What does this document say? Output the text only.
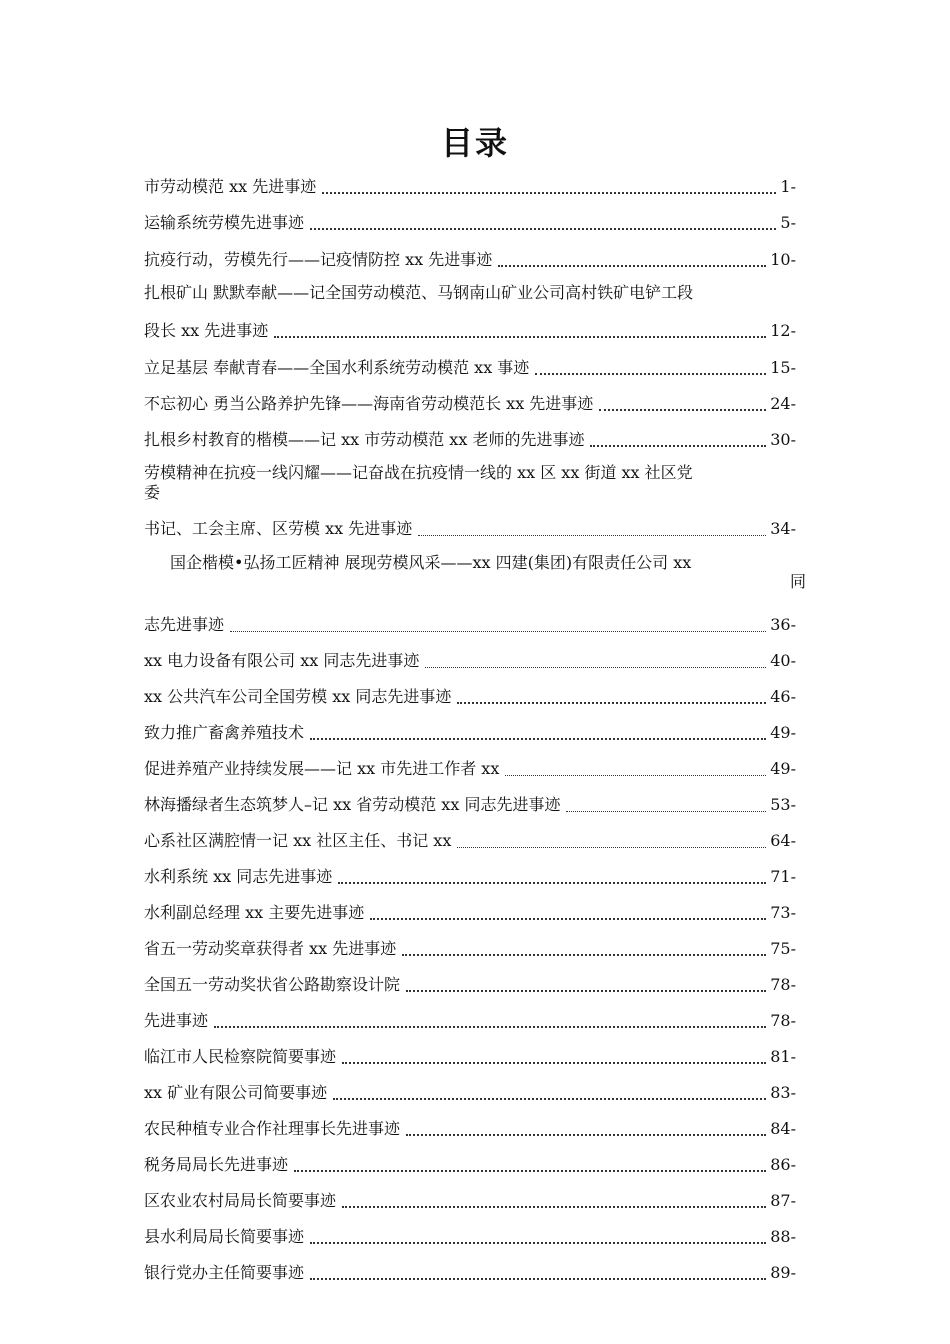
目录
市劳动模范 xx 先进事迹	1-
运输系统劳模先进事迹	5-
抗疫行动，劳模先行——记疫情防控 xx 先进事迹	10-
扎根矿山 默默奉献——记全国劳动模范、马钢南山矿业公司高村铁矿电铲工段
段长 xx 先进事迹	12-
立足基层 奉献青春——全国水利系统劳动模范 xx 事迹	15-
不忘初心 勇当公路养护先锋——海南省劳动模范长 xx 先进事迹	24-
扎根乡村教育的楷模——记 xx 市劳动模范 xx 老师的先进事迹	30-
劳模精神在抗疫一线闪耀——记奋战在抗疫情一线的 xx 区 xx 街道 xx 社区党
委
书记、工会主席、区劳模 xx 先进事迹	34-
国企楷模•弘扬工匠精神 展现劳模风采——xx 四建(集团)有限责任公司 xx
同
志先进事迹	36-
xx 电力设备有限公司 xx 同志先进事迹	40-
xx 公共汽车公司全国劳模 xx 同志先进事迹	46-
致力推广畜禽养殖技术	49-
促进养殖产业持续发展——记 xx 市先进工作者 xx	49-
林海播绿者生态筑梦人–记 xx 省劳动模范 xx 同志先进事迹	53-
心系社区满腔情一记 xx 社区主任、书记 xx	64-
水利系统 xx 同志先进事迹	71-
水利副总经理 xx 主要先进事迹	73-
省五一劳动奖章获得者 xx 先进事迹	75-
全国五一劳动奖状省公路勘察设计院	78-
先进事迹	78-
临江市人民检察院简要事迹	81-
xx 矿业有限公司简要事迹	83-
农民种植专业合作社理事长先进事迹	84-
税务局局长先进事迹	86-
区农业农村局局长简要事迹	87-
县水利局局长简要事迹	88-
银行党办主任简要事迹	89-
